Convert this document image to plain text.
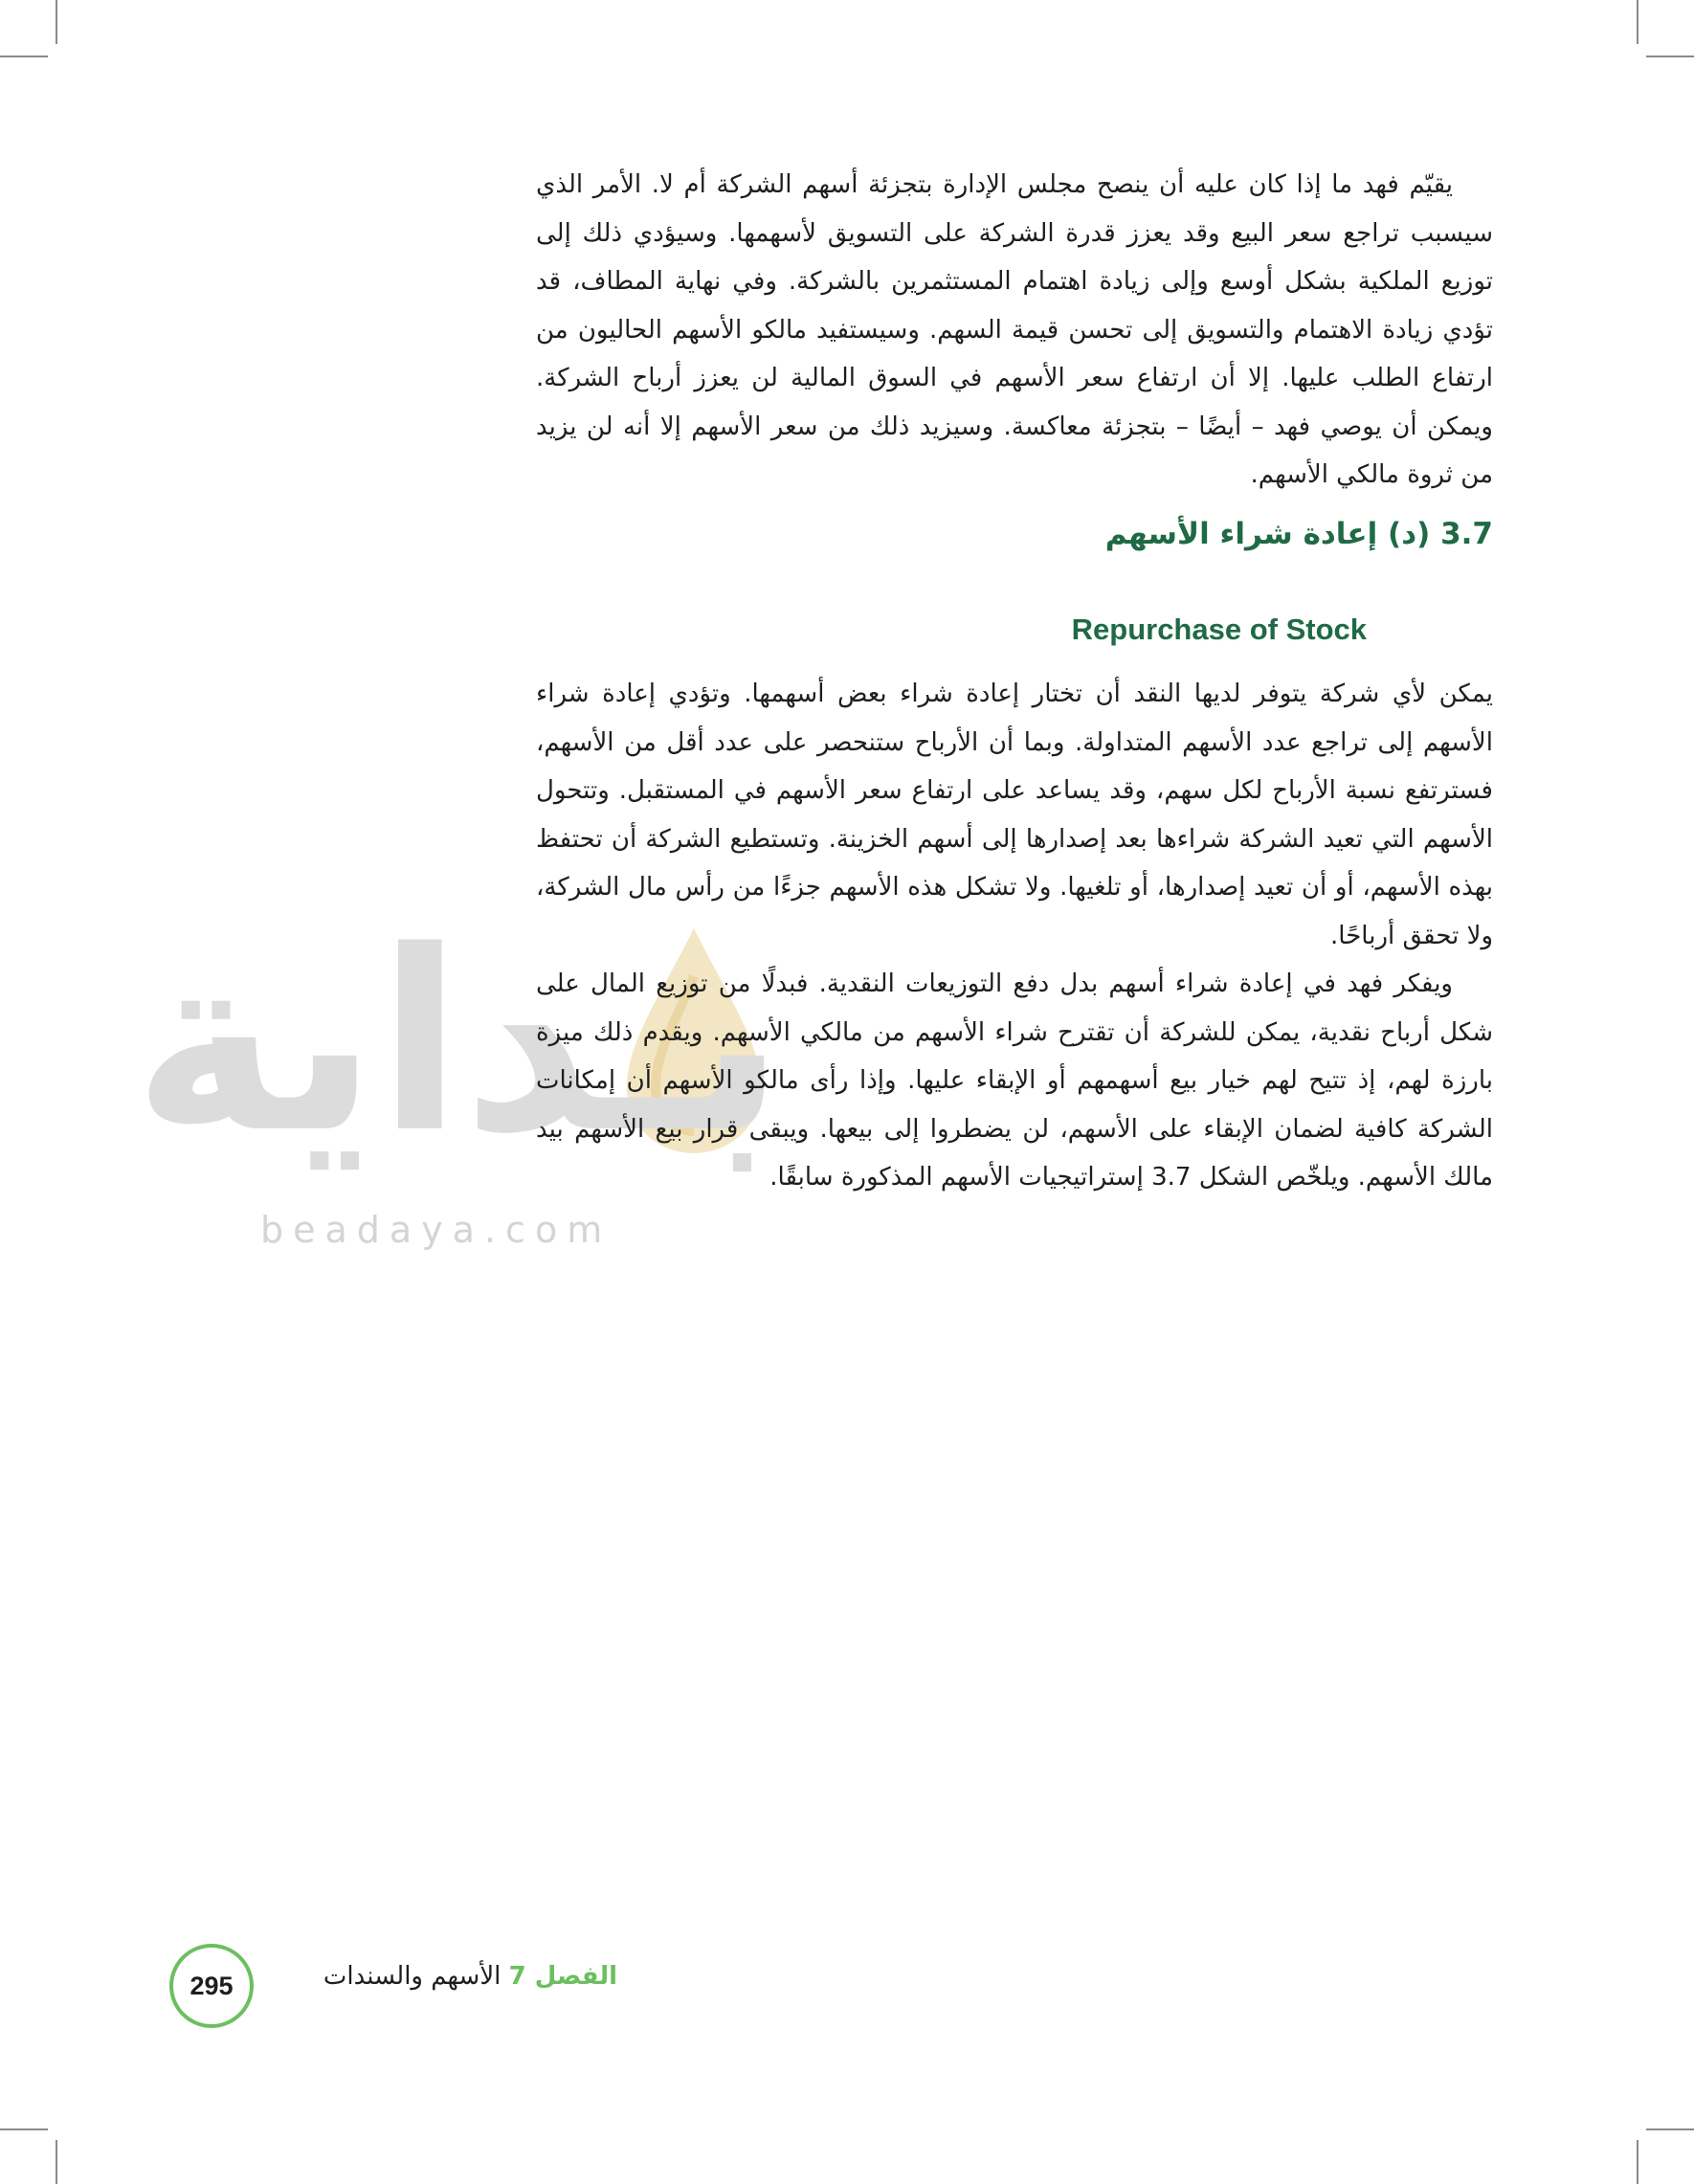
بـداية
beadaya.com

يقيّم فهد ما إذا كان عليه أن ينصح مجلس الإدارة بتجزئة أسهم الشركة أم لا. الأمر الذي سيسبب تراجع سعر البيع وقد يعزز قدرة الشركة على التسويق لأسهمها. وسيؤدي ذلك إلى توزيع الملكية بشكل أوسع وإلى زيادة اهتمام المستثمرين بالشركة. وفي نهاية المطاف، قد تؤدي زيادة الاهتمام والتسويق إلى تحسن قيمة السهم. وسيستفيد مالكو الأسهم الحاليون من ارتفاع الطلب عليها. إلا أن ارتفاع سعر الأسهم في السوق المالية لن يعزز أرباح الشركة. ويمكن أن يوصي فهد – أيضًا – بتجزئة معاكسة. وسيزيد ذلك من سعر الأسهم إلا أنه لن يزيد من ثروة مالكي الأسهم.

3.7 (د) إعادة شراء الأسهم
Repurchase of Stock

يمكن لأي شركة يتوفر لديها النقد أن تختار إعادة شراء بعض أسهمها. وتؤدي إعادة شراء الأسهم إلى تراجع عدد الأسهم المتداولة. وبما أن الأرباح ستنحصر على عدد أقل من الأسهم، فسترتفع نسبة الأرباح لكل سهم، وقد يساعد على ارتفاع سعر الأسهم في المستقبل. وتتحول الأسهم التي تعيد الشركة شراءها بعد إصدارها إلى أسهم الخزينة. وتستطيع الشركة أن تحتفظ بهذه الأسهم، أو أن تعيد إصدارها، أو تلغيها. ولا تشكل هذه الأسهم جزءًا من رأس مال الشركة، ولا تحقق أرباحًا.

ويفكر فهد في إعادة شراء أسهم بدل دفع التوزيعات النقدية. فبدلًا من توزيع المال على شكل أرباح نقدية، يمكن للشركة أن تقترح شراء الأسهم من مالكي الأسهم. ويقدم ذلك ميزة بارزة لهم، إذ تتيح لهم خيار بيع أسهمهم أو الإبقاء عليها. وإذا رأى مالكو الأسهم أن إمكانات الشركة كافية لضمان الإبقاء على الأسهم، لن يضطروا إلى بيعها. ويبقى قرار بيع الأسهم بيد مالك الأسهم. ويلخّص الشكل 3.7 إستراتيجيات الأسهم المذكورة سابقًا.

295	الفصل 7 الأسهم والسندات
